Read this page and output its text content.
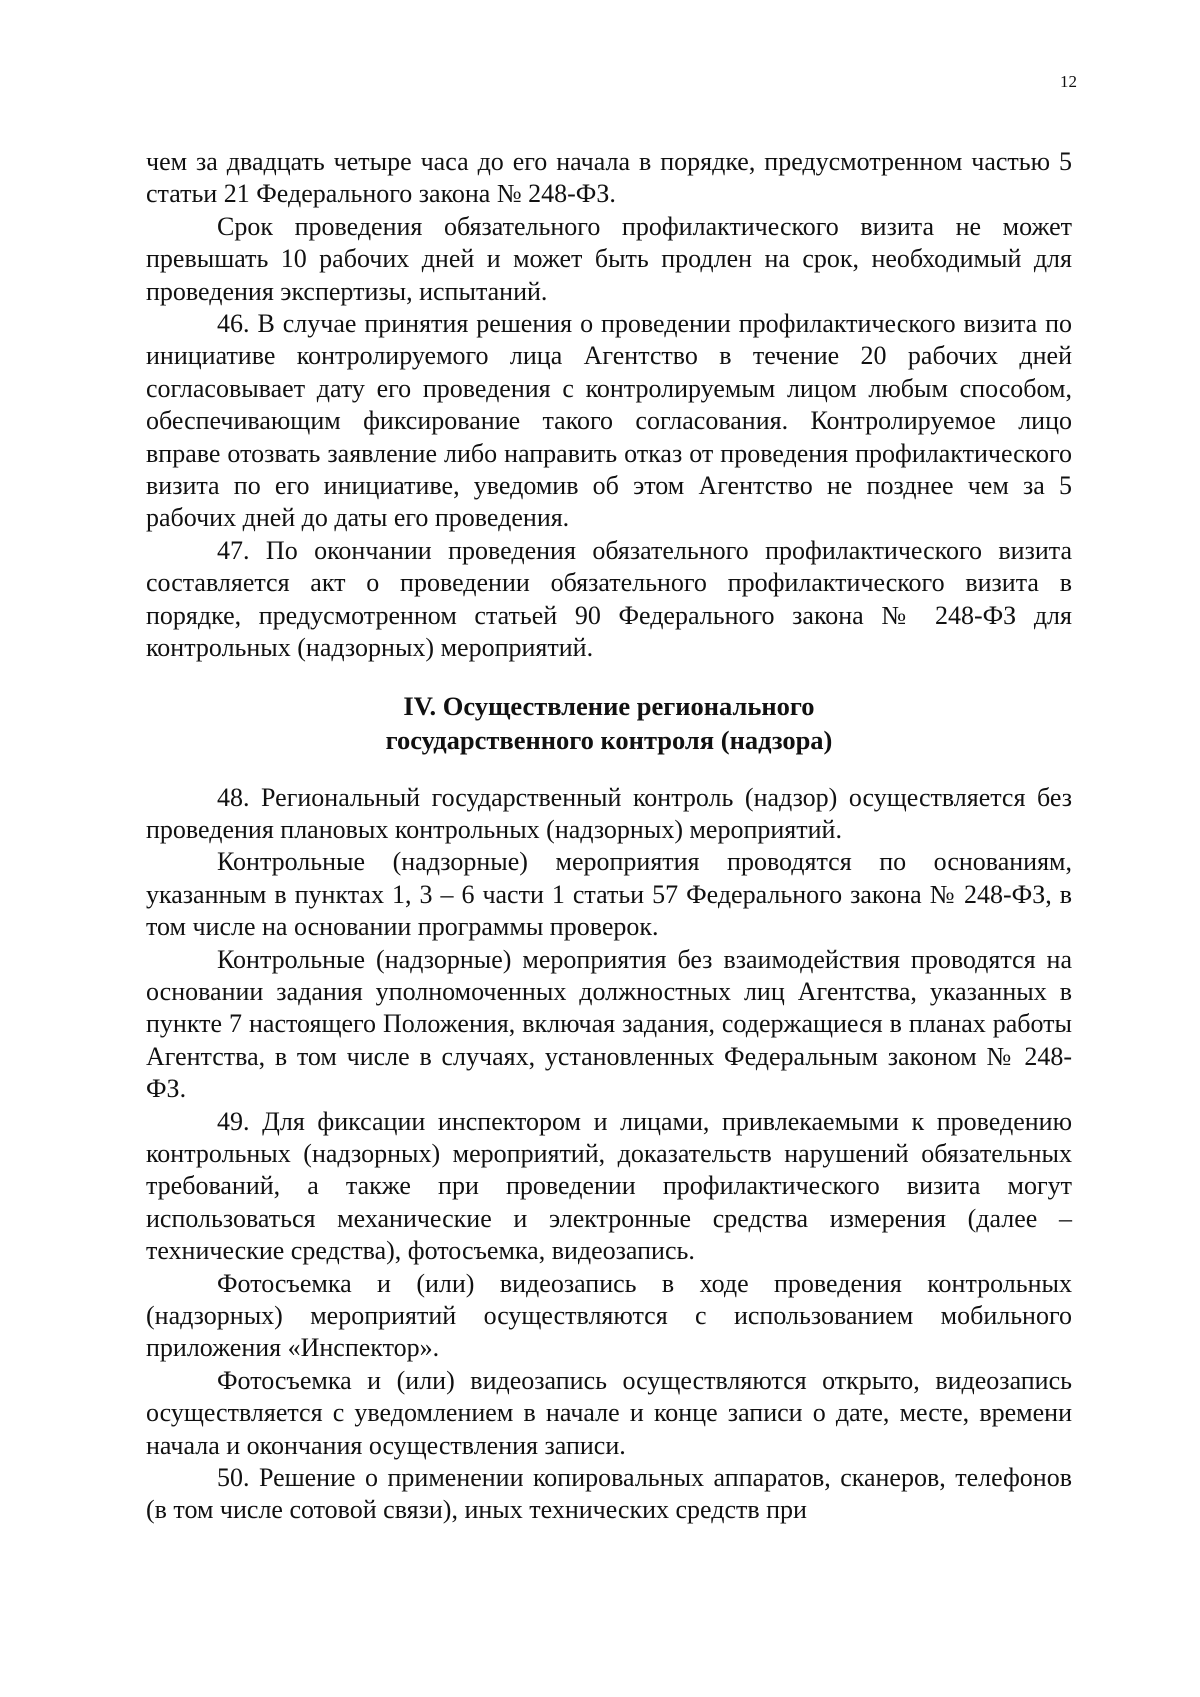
12

чем за двадцать четыре часа до его начала в порядке, предусмотренном частью 5 статьи 21 Федерального закона № 248-ФЗ.

Срок проведения обязательного профилактического визита не может превышать 10 рабочих дней и может быть продлен на срок, необходимый для проведения экспертизы, испытаний.

46. В случае принятия решения о проведении профилактического визита по инициативе контролируемого лица Агентство в течение 20 рабочих дней согласовывает дату его проведения с контролируемым лицом любым способом, обеспечивающим фиксирование такого согласования. Контролируемое лицо вправе отозвать заявление либо направить отказ от проведения профилактического визита по его инициативе, уведомив об этом Агентство не позднее чем за 5 рабочих дней до даты его проведения.

47. По окончании проведения обязательного профилактического визита составляется акт о проведении обязательного профилактического визита в порядке, предусмотренном статьей 90 Федерального закона № 248-ФЗ для контрольных (надзорных) мероприятий.

IV. Осуществление регионального
государственного контроля (надзора)

48. Региональный государственный контроль (надзор) осуществляется без проведения плановых контрольных (надзорных) мероприятий.

Контрольные (надзорные) мероприятия проводятся по основаниям, указанным в пунктах 1, 3 – 6 части 1 статьи 57 Федерального закона № 248-ФЗ, в том числе на основании программы проверок.

Контрольные (надзорные) мероприятия без взаимодействия проводятся на основании задания уполномоченных должностных лиц Агентства, указанных в пункте 7 настоящего Положения, включая задания, содержащиеся в планах работы Агентства, в том числе в случаях, установленных Федеральным законом № 248-ФЗ.

49. Для фиксации инспектором и лицами, привлекаемыми к проведению контрольных (надзорных) мероприятий, доказательств нарушений обязательных требований, а также при проведении профилактического визита могут использоваться механические и электронные средства измерения (далее – технические средства), фотосъемка, видеозапись.

Фотосъемка и (или) видеозапись в ходе проведения контрольных (надзорных) мероприятий осуществляются с использованием мобильного приложения «Инспектор».

Фотосъемка и (или) видеозапись осуществляются открыто, видеозапись осуществляется с уведомлением в начале и конце записи о дате, месте, времени начала и окончания осуществления записи.

50. Решение о применении копировальных аппаратов, сканеров, телефонов (в том числе сотовой связи), иных технических средств при
